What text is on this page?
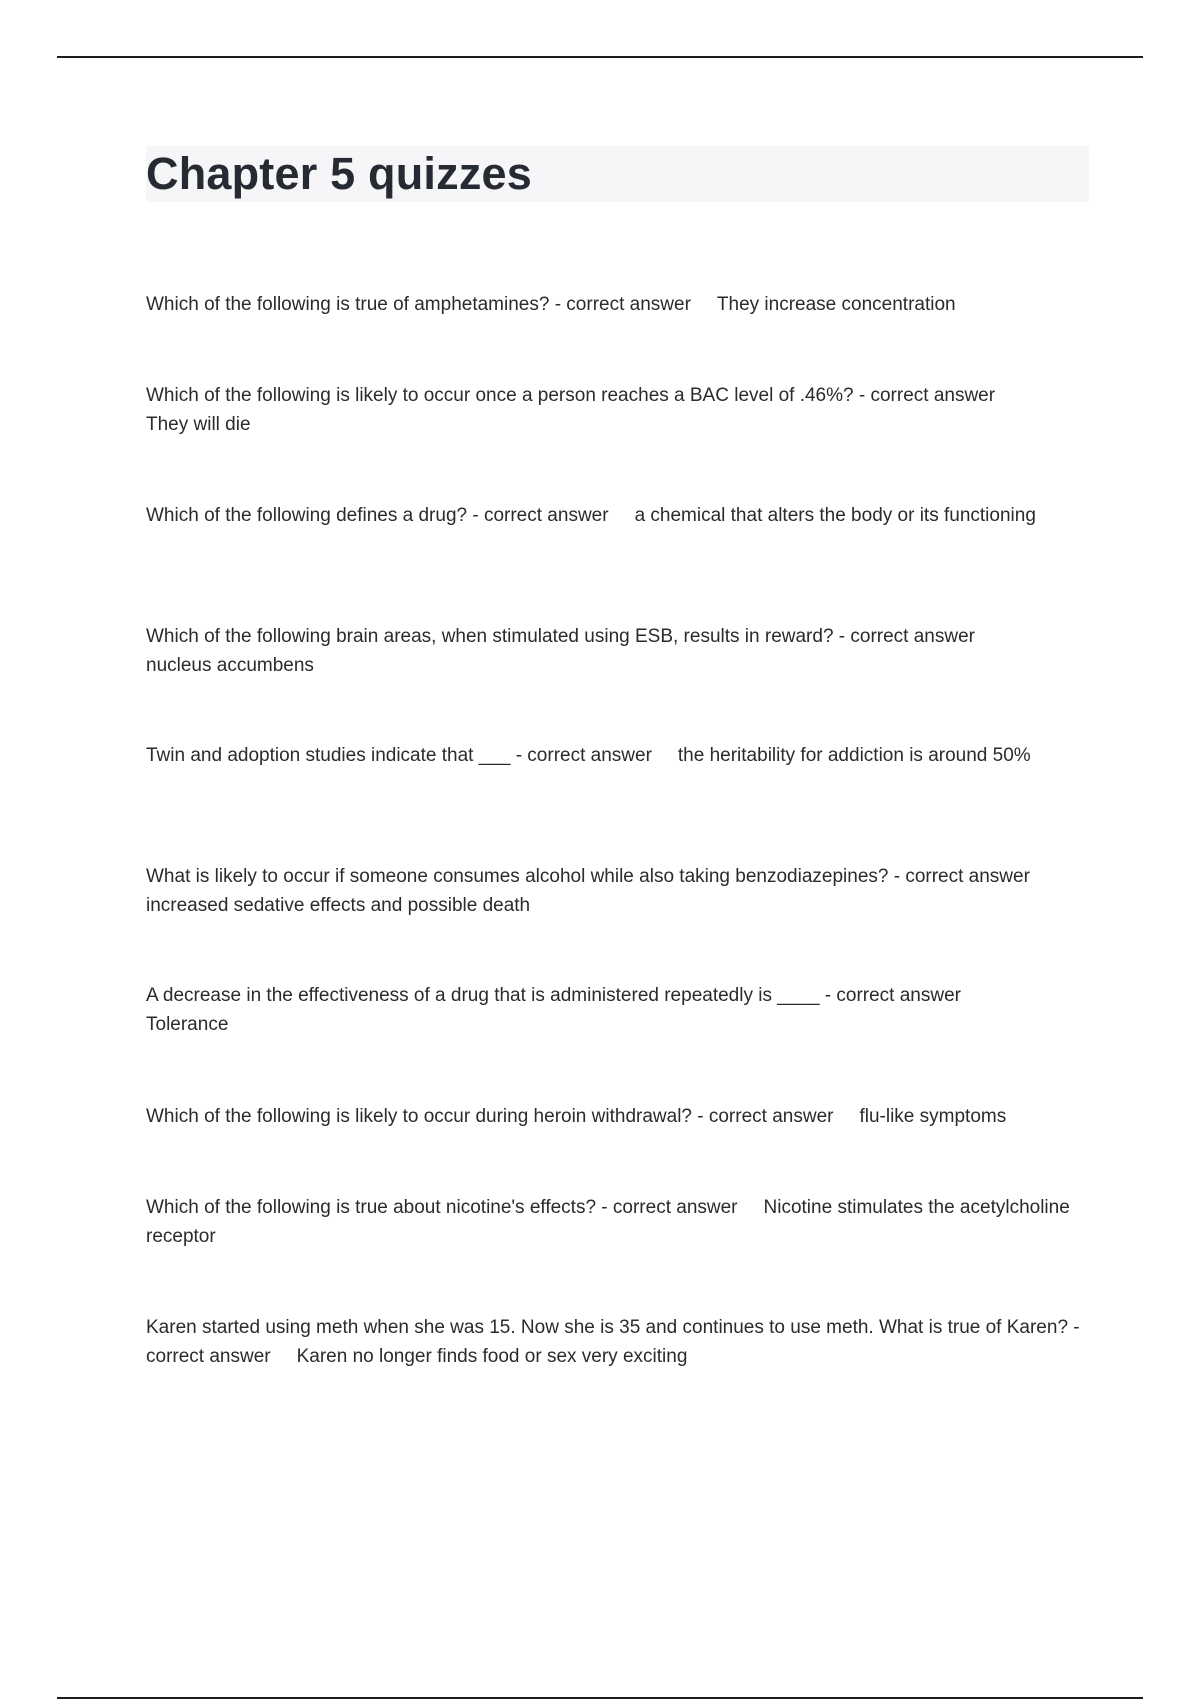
Chapter 5 quizzes
Which of the following is true of amphetamines? - correct answer They increase concentration
Which of the following is likely to occur once a person reaches a BAC level of .46%? - correct answer
They will die
Which of the following defines a drug? - correct answer a chemical that alters the body or its functioning
Which of the following brain areas, when stimulated using ESB, results in reward? - correct answer
nucleus accumbens
Twin and adoption studies indicate that ___ - correct answer the heritability for addiction is around 50%
What is likely to occur if someone consumes alcohol while also taking benzodiazepines? - correct answer
increased sedative effects and possible death
A decrease in the effectiveness of a drug that is administered repeatedly is ____ - correct answer
Tolerance
Which of the following is likely to occur during heroin withdrawal? - correct answer flu-like symptoms
Which of the following is true about nicotine's effects? - correct answer Nicotine stimulates the acetylcholine receptor
Karen started using meth when she was 15. Now she is 35 and continues to use meth. What is true of Karen? - correct answer Karen no longer finds food or sex very exciting
